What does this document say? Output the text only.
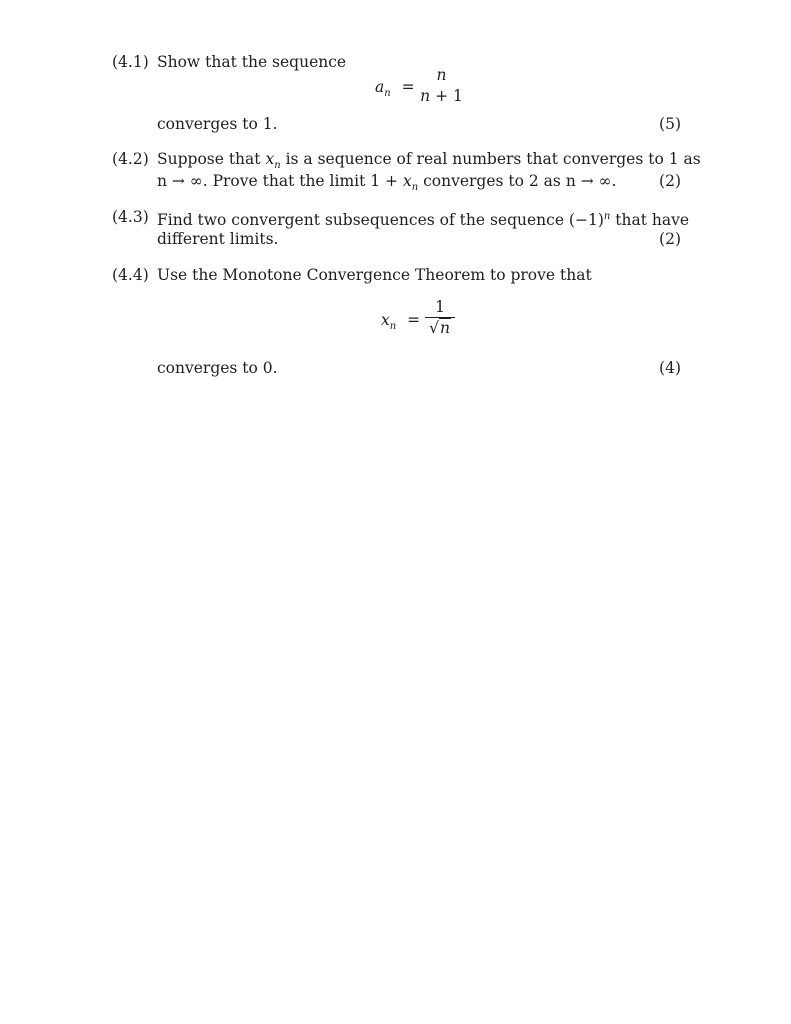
(4.1) Show that the sequence
$a_n$ =
n
n + 1
converges to 1.	(5)
(4.2) Suppose that $x_n$ is a sequence of real numbers that converges to 1 as
n → ∞. Prove that the limit $1 + x_n$ converges to 2 as n → ∞.	(2)
(4.3) Find two convergent subsequences of the sequence $(-1)^n$ that have
different limits.	(2)
(4.4) Use the Monotone Convergence Theorem to prove that
$x_n$ =
1
√n
converges to 0.	(4)
